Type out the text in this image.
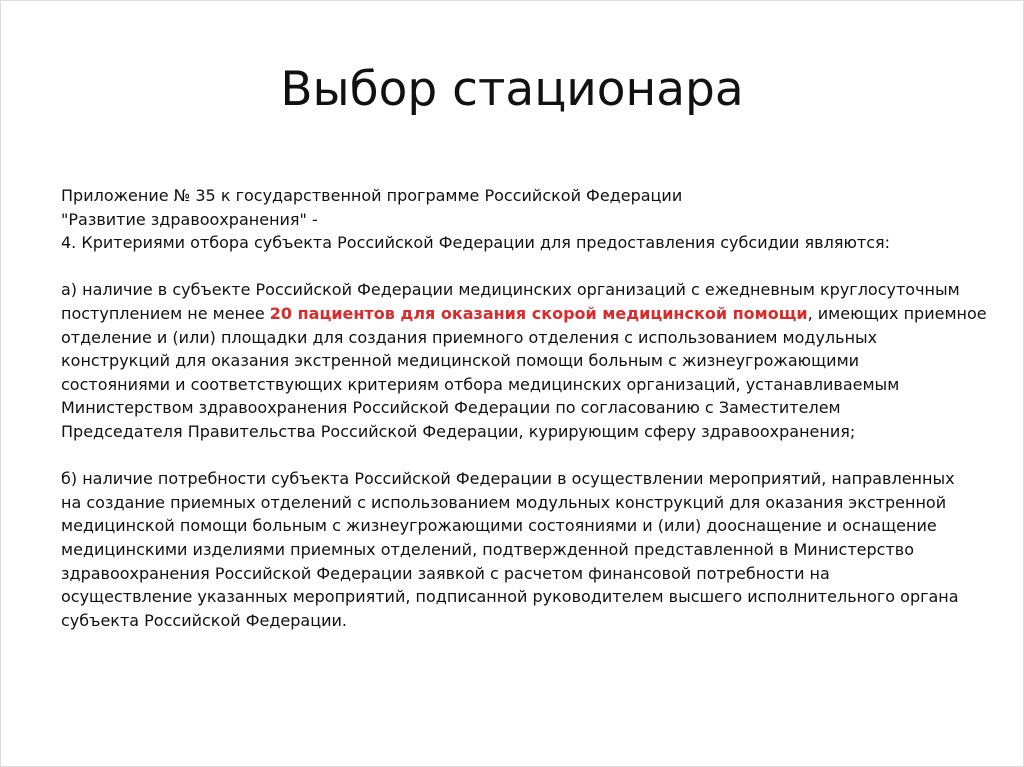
Выбор стационара
Приложение № 35 к государственной программе Российской Федерации
"Развитие здравоохранения" -
4. Критериями отбора субъекта Российской Федерации для предоставления субсидии являются:
а) наличие в субъекте Российской Федерации медицинских организаций с ежедневным круглосуточным
поступлением не менее 20 пациентов для оказания скорой медицинской помощи, имеющих приемное
отделение и (или) площадки для создания приемного отделения с использованием модульных
конструкций для оказания экстренной медицинской помощи больным с жизнеугрожающими
состояниями и соответствующих критериям отбора медицинских организаций, устанавливаемым
Министерством здравоохранения Российской Федерации по согласованию с Заместителем
Председателя Правительства Российской Федерации, курирующим сферу здравоохранения;
б) наличие потребности субъекта Российской Федерации в осуществлении мероприятий, направленных
на создание приемных отделений с использованием модульных конструкций для оказания экстренной
медицинской помощи больным с жизнеугрожающими состояниями и (или) дооснащение и оснащение
медицинскими изделиями приемных отделений, подтвержденной представленной в Министерство
здравоохранения Российской Федерации заявкой с расчетом финансовой потребности на
осуществление указанных мероприятий, подписанной руководителем высшего исполнительного органа
субъекта Российской Федерации.
